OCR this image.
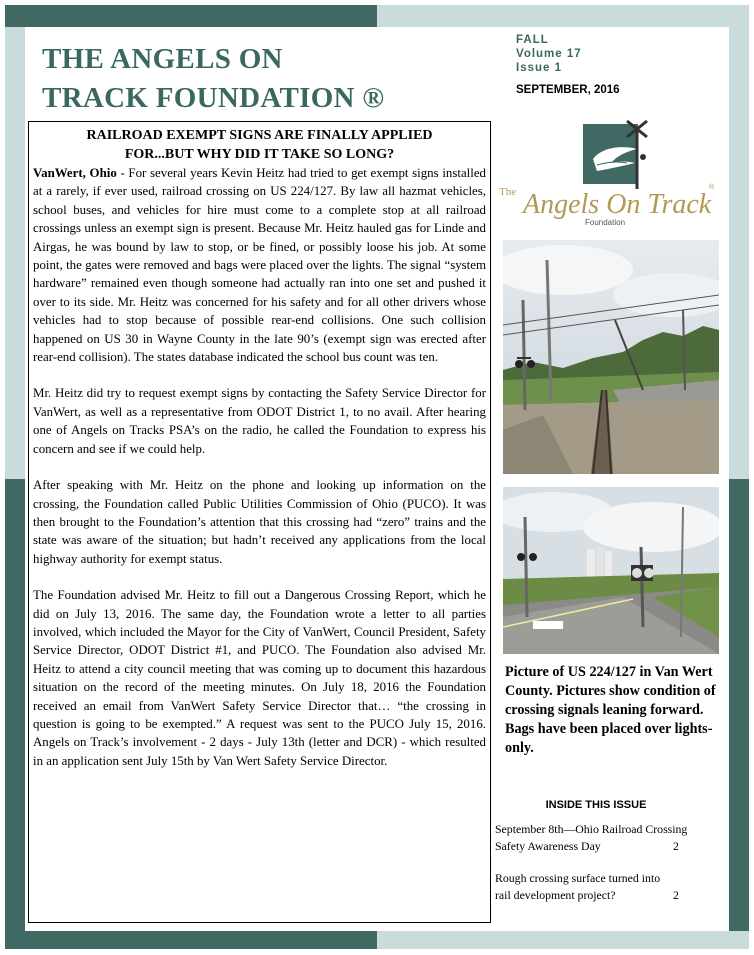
THE ANGELS ON
TRACK FOUNDATION ®
FALL
Volume 17
Issue 1
SEPTEMBER, 2016
RAILROAD EXEMPT SIGNS ARE FINALLY APPLIED
FOR...BUT WHY DID IT TAKE SO LONG?

VanWert, Ohio - For several years Kevin Heitz had tried to get exempt signs installed at a rarely, if ever used, railroad crossing on US 224/127. By law all hazmat vehicles, school buses, and vehicles for hire must come to a complete stop at all railroad crossings unless an exempt sign is present. Because Mr. Heitz hauled gas for Linde and Airgas, he was bound by law to stop, or be fined, or possibly loose his job. At some point, the gates were removed and bags were placed over the lights. The signal “system hardware” remained even though someone had actually ran into one set and pushed it over to its side. Mr. Heitz was concerned for his safety and for all other drivers whose vehicles had to stop because of possible rear-end collisions. One such collision happened on US 30 in Wayne County in the late 90’s (exempt sign was erected after rear-end collision). The states database indicated the school bus count was ten.

Mr. Heitz did try to request exempt signs by contacting the Safety Service Director for VanWert, as well as a representative from ODOT District 1, to no avail. After hearing one of Angels on Tracks PSA’s on the radio, he called the Foundation to express his concern and see if we could help.

After speaking with Mr. Heitz on the phone and looking up information on the crossing, the Foundation called Public Utilities Commission of Ohio (PUCO). It was then brought to the Foundation’s attention that this crossing had “zero” trains and the state was aware of the situation; but hadn’t received any applications from the local highway authority for exempt status.

The Foundation advised Mr. Heitz to fill out a Dangerous Crossing Report, which he did on July 13, 2016. The same day, the Foundation wrote a letter to all parties involved, which included the Mayor for the City of VanWert, Council President, Safety Service Director, ODOT District #1, and PUCO. The Foundation also advised Mr. Heitz to attend a city council meeting that was coming up to document this hazardous situation on the record of the meeting minutes. On July 18, 2016 the Foundation received an email from VanWert Safety Service Director that… “the crossing in question is going to be exempted.” A request was sent to the PUCO July 15, 2016. Angels on Track’s involvement - 2 days - July 13th (letter and DCR) - which resulted in an application sent July 15th by Van Wert Safety Service Director.

The Angels On Track
®
Foundation
Picture of US 224/127 in Van Wert County. Pictures show condition of crossing signals leaning forward. Bags have been placed over lights-only.
INSIDE THIS ISSUE
September 8th—Ohio Railroad Crossing
Safety Awareness Day	2
Rough crossing surface turned into
rail development project?	2
